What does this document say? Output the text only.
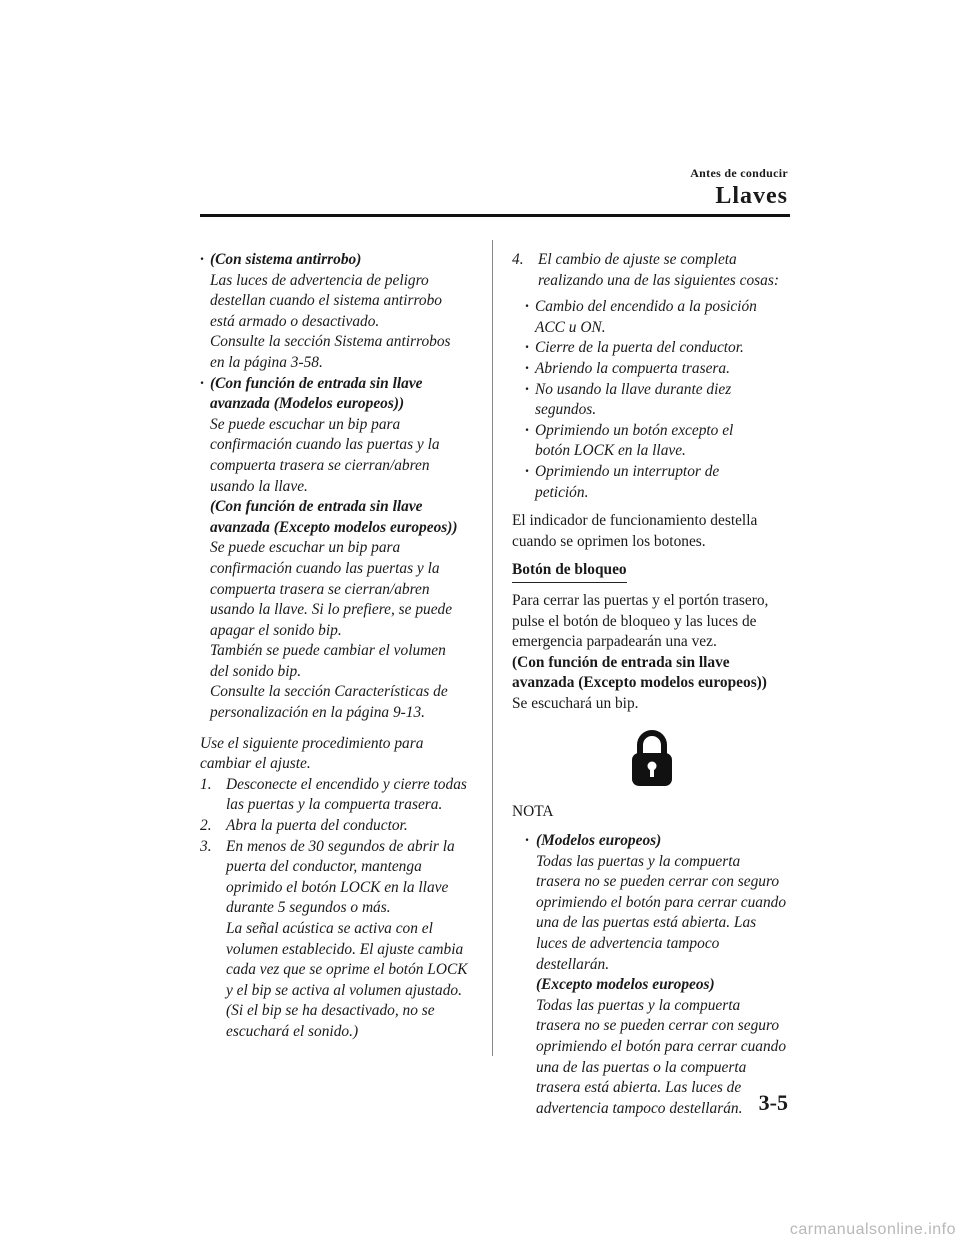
Antes de conducir
Llaves
· (Con sistema antirrobo)
Las luces de advertencia de peligro
destellan cuando el sistema antirrobo
está armado o desactivado.
Consulte la sección Sistema antirrobos
en la página 3-58.
· (Con función de entrada sin llave
avanzada (Modelos europeos))
Se puede escuchar un bip para
confirmación cuando las puertas y la
compuerta trasera se cierran/abren
usando la llave.
(Con función de entrada sin llave
avanzada (Excepto modelos europeos))
Se puede escuchar un bip para
confirmación cuando las puertas y la
compuerta trasera se cierran/abren
usando la llave. Si lo prefiere, se puede
apagar el sonido bip.
También se puede cambiar el volumen
del sonido bip.
Consulte la sección Características de
personalización en la página 9-13.
Use el siguiente procedimiento para
cambiar el ajuste.
1. Desconecte el encendido y cierre todas
las puertas y la compuerta trasera.
2. Abra la puerta del conductor.
3. En menos de 30 segundos de abrir la
puerta del conductor, mantenga
oprimido el botón LOCK en la llave
durante 5 segundos o más.
La señal acústica se activa con el
volumen establecido. El ajuste cambia
cada vez que se oprime el botón LOCK
y el bip se activa al volumen ajustado.
(Si el bip se ha desactivado, no se
escuchará el sonido.)
4. El cambio de ajuste se completa
realizando una de las siguientes cosas:
· Cambio del encendido a la posición
ACC u ON.
· Cierre de la puerta del conductor.
· Abriendo la compuerta trasera.
· No usando la llave durante diez
segundos.
· Oprimiendo un botón excepto el
botón LOCK en la llave.
· Oprimiendo un interruptor de
petición.
El indicador de funcionamiento destella
cuando se oprimen los botones.
Botón de bloqueo
Para cerrar las puertas y el portón trasero,
pulse el botón de bloqueo y las luces de
emergencia parpadearán una vez.
(Con función de entrada sin llave
avanzada (Excepto modelos europeos))
Se escuchará un bip.
NOTA
· (Modelos europeos)
Todas las puertas y la compuerta
trasera no se pueden cerrar con seguro
oprimiendo el botón para cerrar cuando
una de las puertas está abierta. Las
luces de advertencia tampoco
destellarán.
(Excepto modelos europeos)
Todas las puertas y la compuerta
trasera no se pueden cerrar con seguro
oprimiendo el botón para cerrar cuando
una de las puertas o la compuerta
trasera está abierta. Las luces de
advertencia tampoco destellarán. 3-5
carmanualsonline.info
